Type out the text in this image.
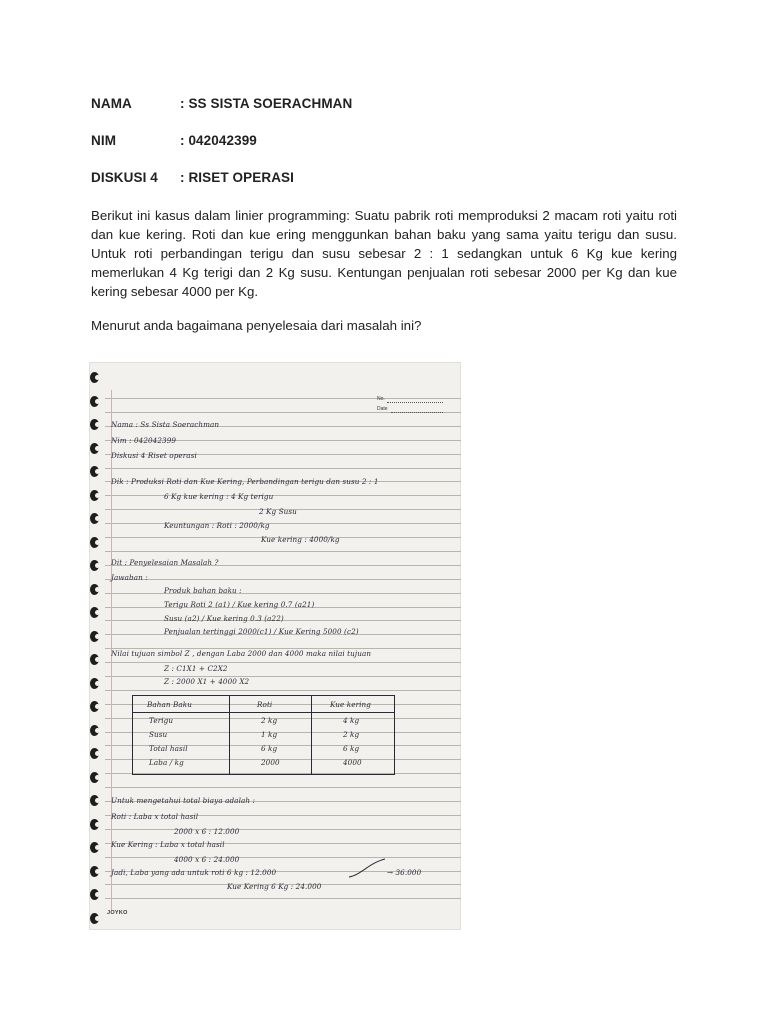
NAMA	: SS SISTA SOERACHMAN
NIM	: 042042399
DISKUSI 4 : RISET OPERASI
Berikut ini kasus dalam linier programming: Suatu pabrik roti memproduksi 2 macam roti yaitu roti dan kue kering. Roti dan kue ering menggunkan bahan baku yang sama yaitu terigu dan susu. Untuk roti perbandingan terigu dan susu sebesar 2 : 1 sedangkan untuk 6 Kg kue kering memerlukan 4 Kg terigi dan 2 Kg susu. Kentungan penjualan roti sebesar 2000 per Kg dan kue kering sebesar 4000 per Kg.
Menurut anda bagaimana penyelesaia dari masalah ini?
No.
Date
Nama : Ss Sista Soerachman
Nim : 042042399
Diskusi 4 Riset operasi
Dik : Produksi Roti dan Kue Kering, Perbandingan terigu dan susu 2 : 1
6 Kg kue kering : 4 Kg terigu
2 Kg Susu
Keuntungan : Roti : 2000/kg
Kue kering : 4000/kg
Dit : Penyelesaian Masalah ?
Jawaban :
Produk bahan baku :
Terigu Roti 2 (a1) / Kue kering 0.7 (a21)
Susu (a2) / Kue kering 0.3 (a22)
Penjualan tertinggi 2000(c1) / Kue Kering 5000 (c2)
Nilai tujuan simbol Z , dengan Laba 2000 dan 4000 maka nilai tujuan
Z : C1X1 + C2X2
Z : 2000 X1 + 4000 X2
Untuk mengetahui total biaya adalah :
Roti : Laba x total hasil
2000 x 6 : 12.000
Kue Kering : Laba x total hasil
4000 x 6 : 24.000
Jadi, Laba yang ada untuk roti 6 kg : 12.000
Kue Kering 6 Kg : 24.000
→ 36.000
Bahan Baku	Roti	Kue kering
Terigu	2 kg	4 kg
Susu	1 kg	2 kg
Total hasil	6 kg	6 kg
Laba / kg	2000	4000
JOYKO
